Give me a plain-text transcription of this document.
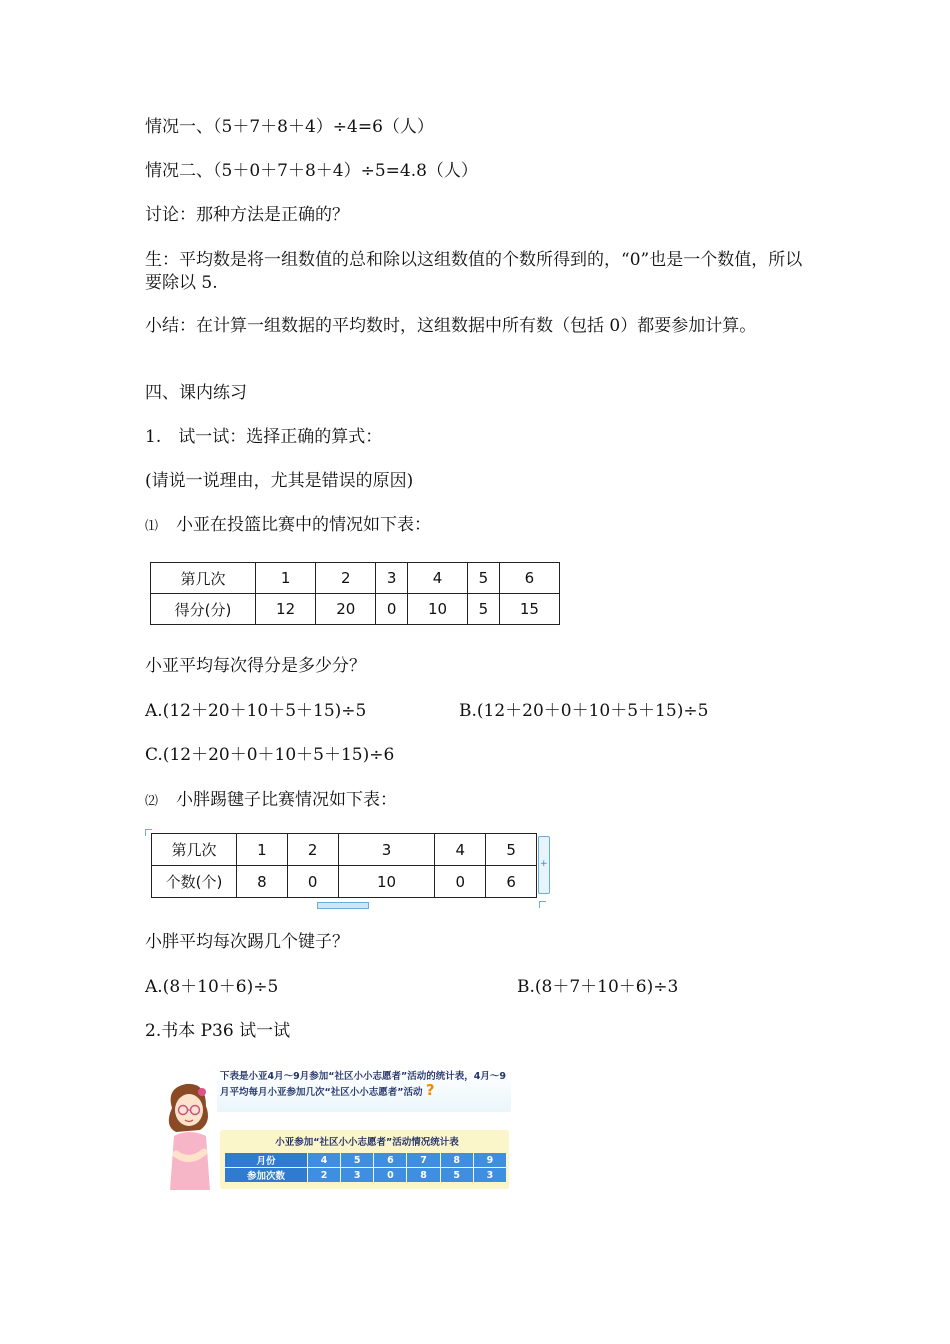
情况一、（5＋7＋8＋4）÷4=6（人）
情况二、（5＋0＋7＋8＋4）÷5=4.8（人）
讨论：那种方法是正确的？
生：平均数是将一组数值的总和除以这组数值的个数所得到的，“0”也是一个数值，所以要除以 5.
小结：在计算一组数据的平均数时，这组数据中所有数（包括 0）都要参加计算。
四、课内练习
1.　试一试：选择正确的算式：
(请说一说理由，尤其是错误的原因)
⑴ 小亚在投篮比赛中的情况如下表：
第几次	1	2	3	4	5	6
得分(分)	12	20	0	10	5	15
小亚平均每次得分是多少分？
A.(12＋20＋10＋5＋15)÷5	B.(12＋20＋0＋10＋5＋15)÷5
C.(12＋20＋0＋10＋5＋15)÷6
⑵ 小胖踢毽子比赛情况如下表：
第几次	1	2	3	4	5
个数(个)	8	0	10	0	6
+
小胖平均每次踢几个键子？
A.(8＋10＋6)÷5	B.(8＋7＋10＋6)÷3
2.书本 P36 试一试
下表是小亚4月～9月参加“社区小小志愿者”活动的统计表，4月～9月平均每月小亚参加几次“社区小小志愿者”活动 ?
小亚参加“社区小小志愿者”活动情况统计表
月份	4	5	6	7	8	9
参加次数	2	3	0	8	5	3
